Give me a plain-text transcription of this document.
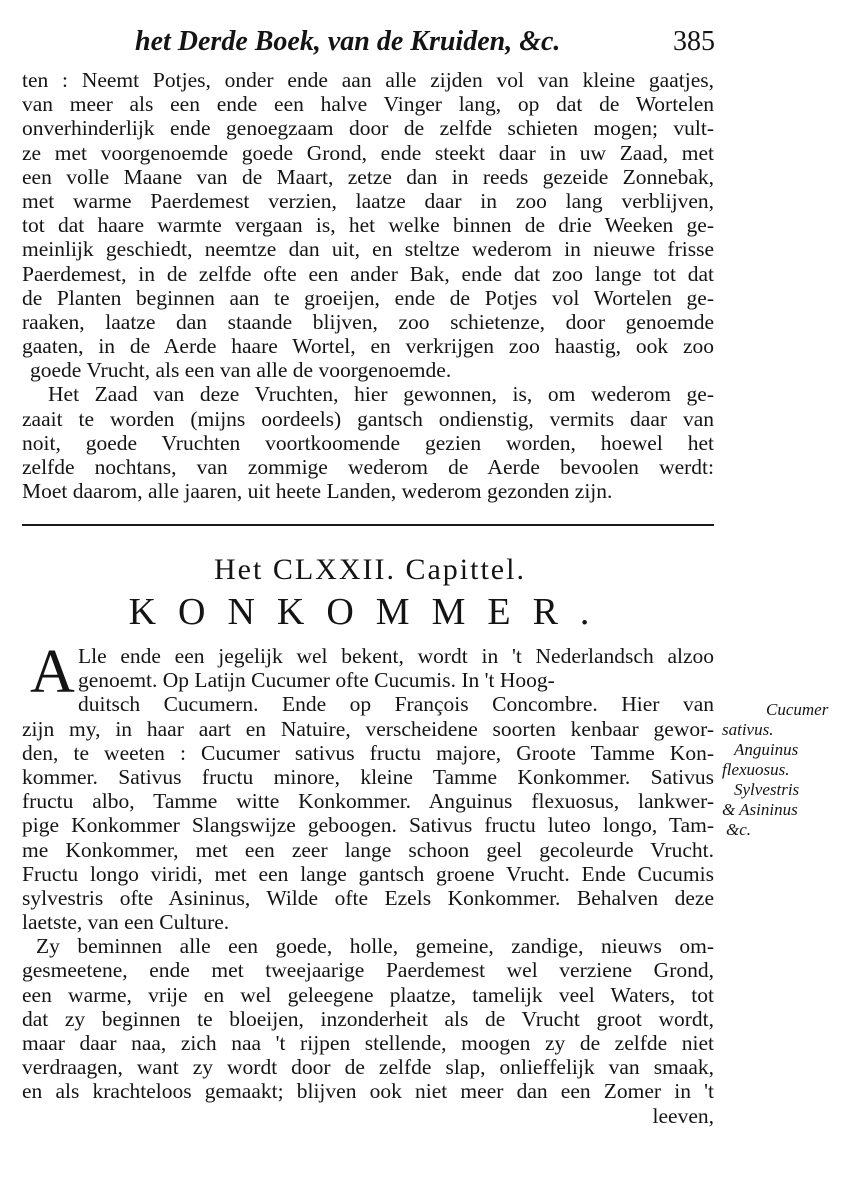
het Derde Boek, van de Kruiden, &c.	385
ten : Neemt Potjes, onder ende aan alle zijden vol van kleine gaatjes,
van meer als een ende een halve Vinger lang, op dat de Wortelen
onverhinderlijk ende genoegzaam door de zelfde schieten mogen; vult-
ze met voorgenoemde goede Grond, ende steekt daar in uw Zaad, met
een volle Maane van de Maart, zetze dan in reeds gezeide Zonnebak,
met warme Paerdemest verzien, laatze daar in zoo lang verblijven,
tot dat haare warmte vergaan is, het welke binnen de drie Weeken ge-
meinlijk geschiedt, neemtze dan uit, en steltze wederom in nieuwe frisse
Paerdemest, in de zelfde ofte een ander Bak, ende dat zoo lange tot dat
de Planten beginnen aan te groeijen, ende de Potjes vol Wortelen ge-
raaken, laatze dan staande blijven, zoo schietenze, door genoemde
gaaten, in de Aerde haare Wortel, en verkrijgen zoo haastig, ook zoo
goede Vrucht, als een van alle de voorgenoemde.
Het Zaad van deze Vruchten, hier gewonnen, is, om wederom ge-
zaait te worden (mijns oordeels) gantsch ondienstig, vermits daar van
noit, goede Vruchten voortkoomende gezien worden, hoewel het
zelfde nochtans, van zommige wederom de Aerde bevoolen werdt:
Moet daarom, alle jaaren, uit heete Landen, wederom gezonden zijn.
Het CLXXII. Capittel.
KONKOMMER.
A Lle ende een jegelijk wel bekent, wordt in 't Nederlandsch alzoo
genoemt. Op Latijn Cucumer ofte Cucumis. In 't Hoog-
duitsch Cucumern. Ende op François Concombre. Hier van
zijn my, in haar aart en Natuire, verscheidene soorten kenbaar gewor-
den, te weeten : Cucumer sativus fructu majore, Groote Tamme Kon-
kommer. Sativus fructu minore, kleine Tamme Konkommer. Sativus
fructu albo, Tamme witte Konkommer. Anguinus flexuosus, lankwer-
pige Konkommer Slangswijze geboogen. Sativus fructu luteo longo, Tam-
me Konkommer, met een zeer lange schoon geel gecoleurde Vrucht.
Fructu longo viridi, met een lange gantsch groene Vrucht. Ende Cucumis
sylvestris ofte Asininus, Wilde ofte Ezels Konkommer. Behalven deze
laetste, van een Culture.
Zy beminnen alle een goede, holle, gemeine, zandige, nieuws om-
gesmeetene, ende met tweejaarige Paerdemest wel verziene Grond,
een warme, vrije en wel geleegene plaatze, tamelijk veel Waters, tot
dat zy beginnen te bloeijen, inzonderheit als de Vrucht groot wordt,
maar daar naa, zich naa 't rijpen stellende, moogen zy de zelfde niet
verdraagen, want zy wordt door de zelfde slap, onlieffelijk van smaak,
en als krachteloos gemaakt; blijven ook niet meer dan een Zomer in 't
leeven,
Cucumer
sativus.
Anguinus
flexuosus.
Sylvestris
& Asininus
&c.
